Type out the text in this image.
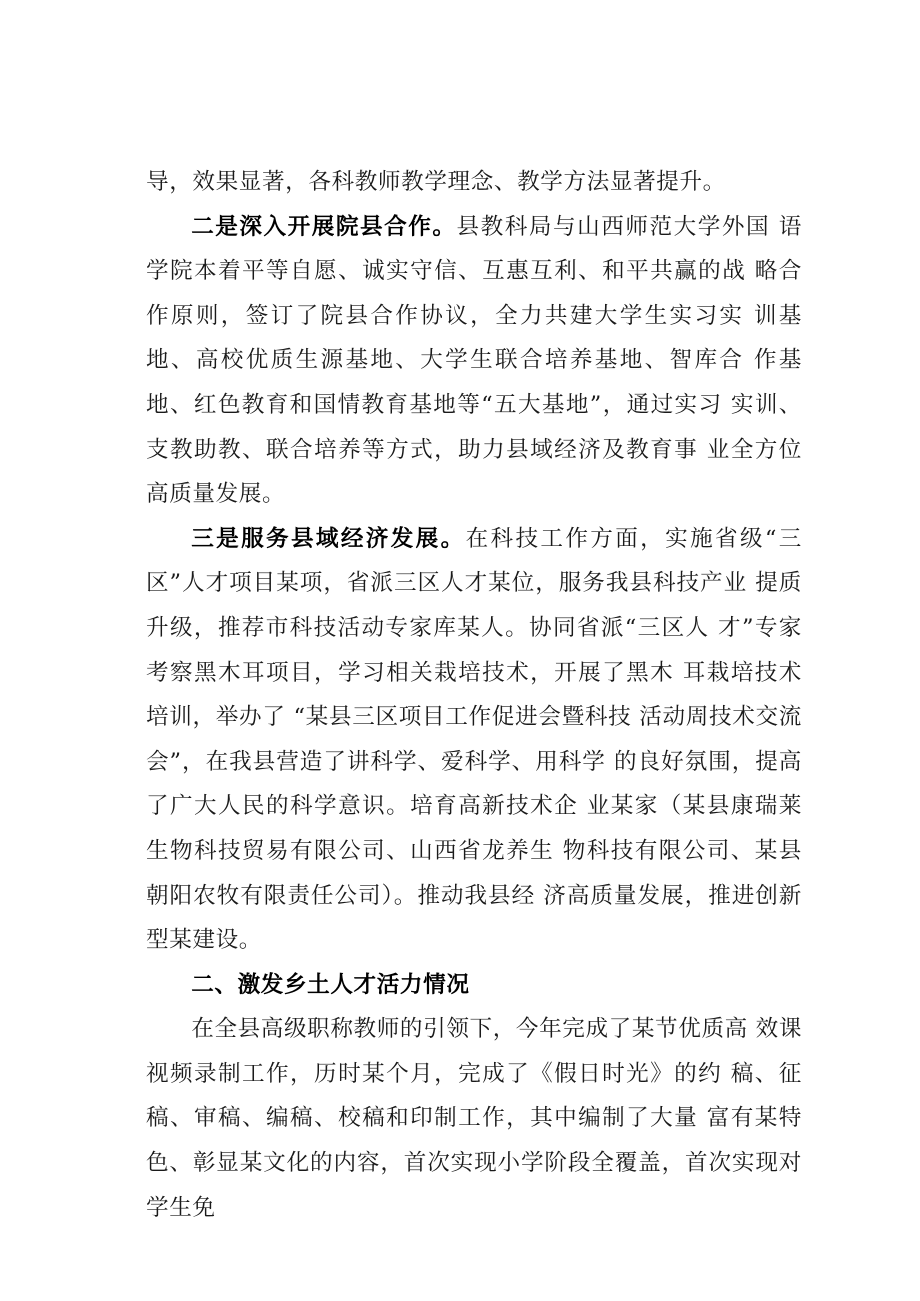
导，效果显著，各科教师教学理念、教学方法显著提升。

二是深入开展院县合作。县教科局与山西师范大学外国 语学院本着平等自愿、诚实守信、互惠互利、和平共赢的战 略合作原则，签订了院县合作协议，全力共建大学生实习实 训基地、高校优质生源基地、大学生联合培养基地、智库合 作基地、红色教育和国情教育基地等“五大基地”，通过实习 实训、支教助教、联合培养等方式，助力县域经济及教育事 业全方位高质量发展。

三是服务县域经济发展。在科技工作方面，实施省级“三区”人才项目某项，省派三区人才某位，服务我县科技产业 提质升级，推荐市科技活动专家库某人。协同省派“三区人 才”专家考察黑木耳项目，学习相关栽培技术，开展了黑木 耳栽培技术培训，举办了 “某县三区项目工作促进会暨科技 活动周技术交流会”，在我县营造了讲科学、爱科学、用科学 的良好氛围，提高了广大人民的科学意识。培育高新技术企 业某家（某县康瑞莱生物科技贸易有限公司、山西省龙养生 物科技有限公司、某县朝阳农牧有限责任公司）。推动我县经 济高质量发展，推进创新型某建设。

二、激发乡土人才活力情况

在全县高级职称教师的引领下，今年完成了某节优质高 效课视频录制工作，历时某个月，完成了《假日时光》的约 稿、征稿、审稿、编稿、校稿和印制工作，其中编制了大量 富有某特色、彰显某文化的内容，首次实现小学阶段全覆盖，首次实现对学生免
